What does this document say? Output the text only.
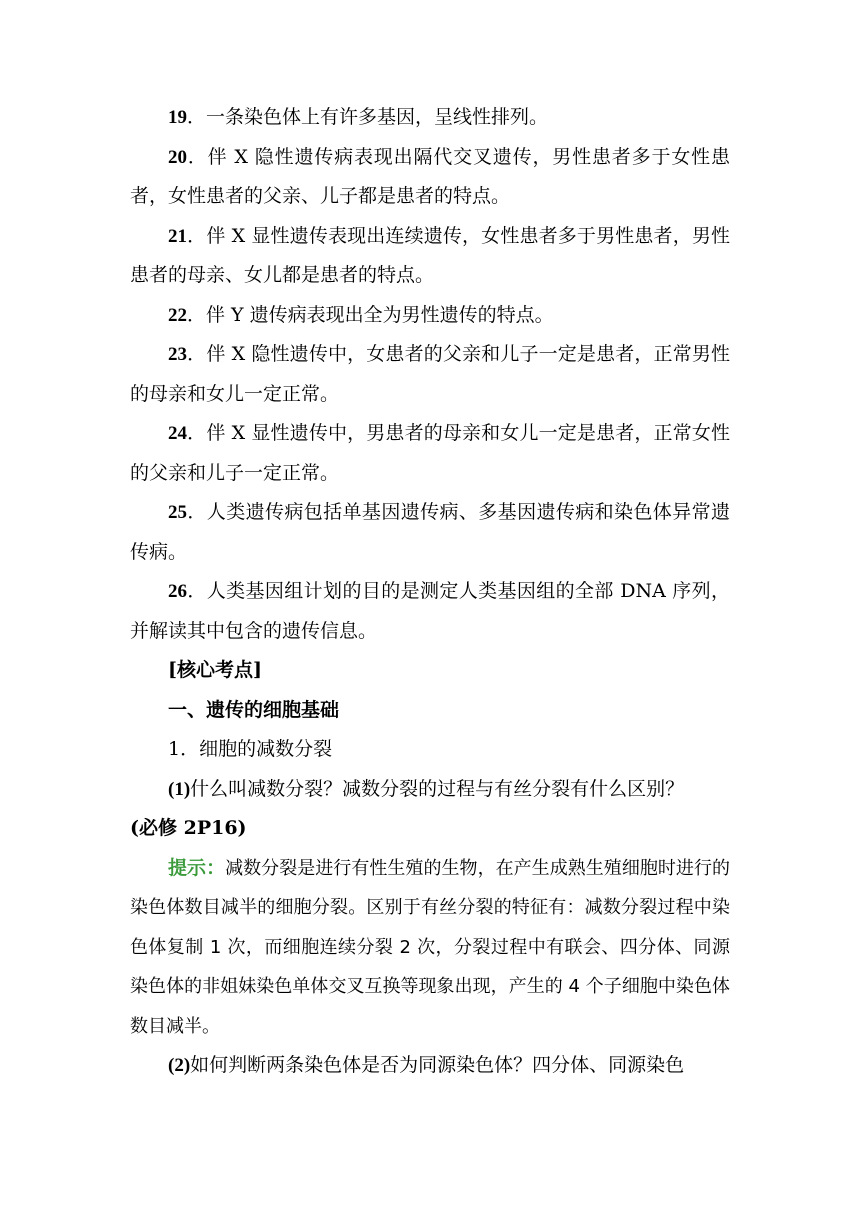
19．一条染色体上有许多基因，呈线性排列。

20．伴 X 隐性遗传病表现出隔代交叉遗传，男性患者多于女性患者，女性患者的父亲、儿子都是患者的特点。

21．伴 X 显性遗传表现出连续遗传，女性患者多于男性患者，男性患者的母亲、女儿都是患者的特点。

22．伴 Y 遗传病表现出全为男性遗传的特点。

23．伴 X 隐性遗传中，女患者的父亲和儿子一定是患者，正常男性的母亲和女儿一定正常。

24．伴 X 显性遗传中，男患者的母亲和女儿一定是患者，正常女性的父亲和儿子一定正常。

25．人类遗传病包括单基因遗传病、多基因遗传病和染色体异常遗传病。

26．人类基因组计划的目的是测定人类基因组的全部 DNA 序列，并解读其中包含的遗传信息。

[核心考点]

一、遗传的细胞基础

1．细胞的减数分裂

(1)什么叫减数分裂？减数分裂的过程与有丝分裂有什么区别？
(必修 2P16)

提示：减数分裂是进行有性生殖的生物，在产生成熟生殖细胞时进行的染色体数目减半的细胞分裂。区别于有丝分裂的特征有：减数分裂过程中染色体复制 1 次，而细胞连续分裂 2 次，分裂过程中有联会、四分体、同源染色体的非姐妹染色单体交叉互换等现象出现，产生的 4 个子细胞中染色体数目减半。

(2)如何判断两条染色体是否为同源染色体？四分体、同源染色
